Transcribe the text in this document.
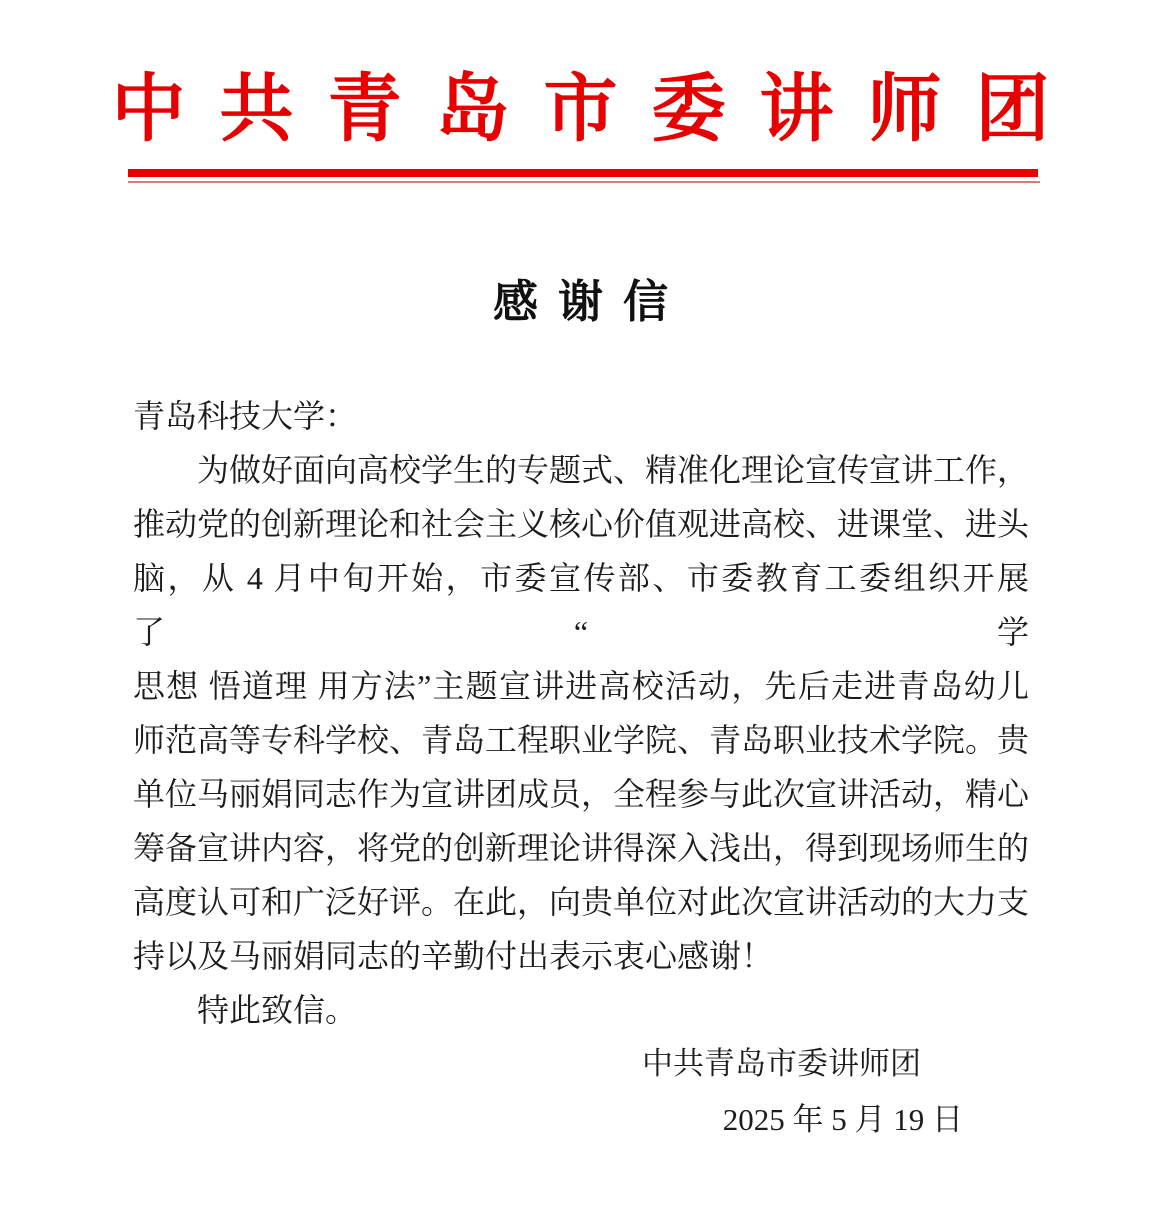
中共青岛市委讲师团
感谢信
青岛科技大学：
为做好面向高校学生的专题式、精准化理论宣传宣讲工作，
推动党的创新理论和社会主义核心价值观进高校、进课堂、进头
脑，从 4 月中旬开始，市委宣传部、市委教育工委组织开展了“学
思想 悟道理 用方法”主题宣讲进高校活动，先后走进青岛幼儿
师范高等专科学校、青岛工程职业学院、青岛职业技术学院。贵
单位马丽娟同志作为宣讲团成员，全程参与此次宣讲活动，精心
筹备宣讲内容，将党的创新理论讲得深入浅出，得到现场师生的
高度认可和广泛好评。在此，向贵单位对此次宣讲活动的大力支
持以及马丽娟同志的辛勤付出表示衷心感谢！
特此致信。
中共青岛市委讲师团
2025 年 5 月 19 日
